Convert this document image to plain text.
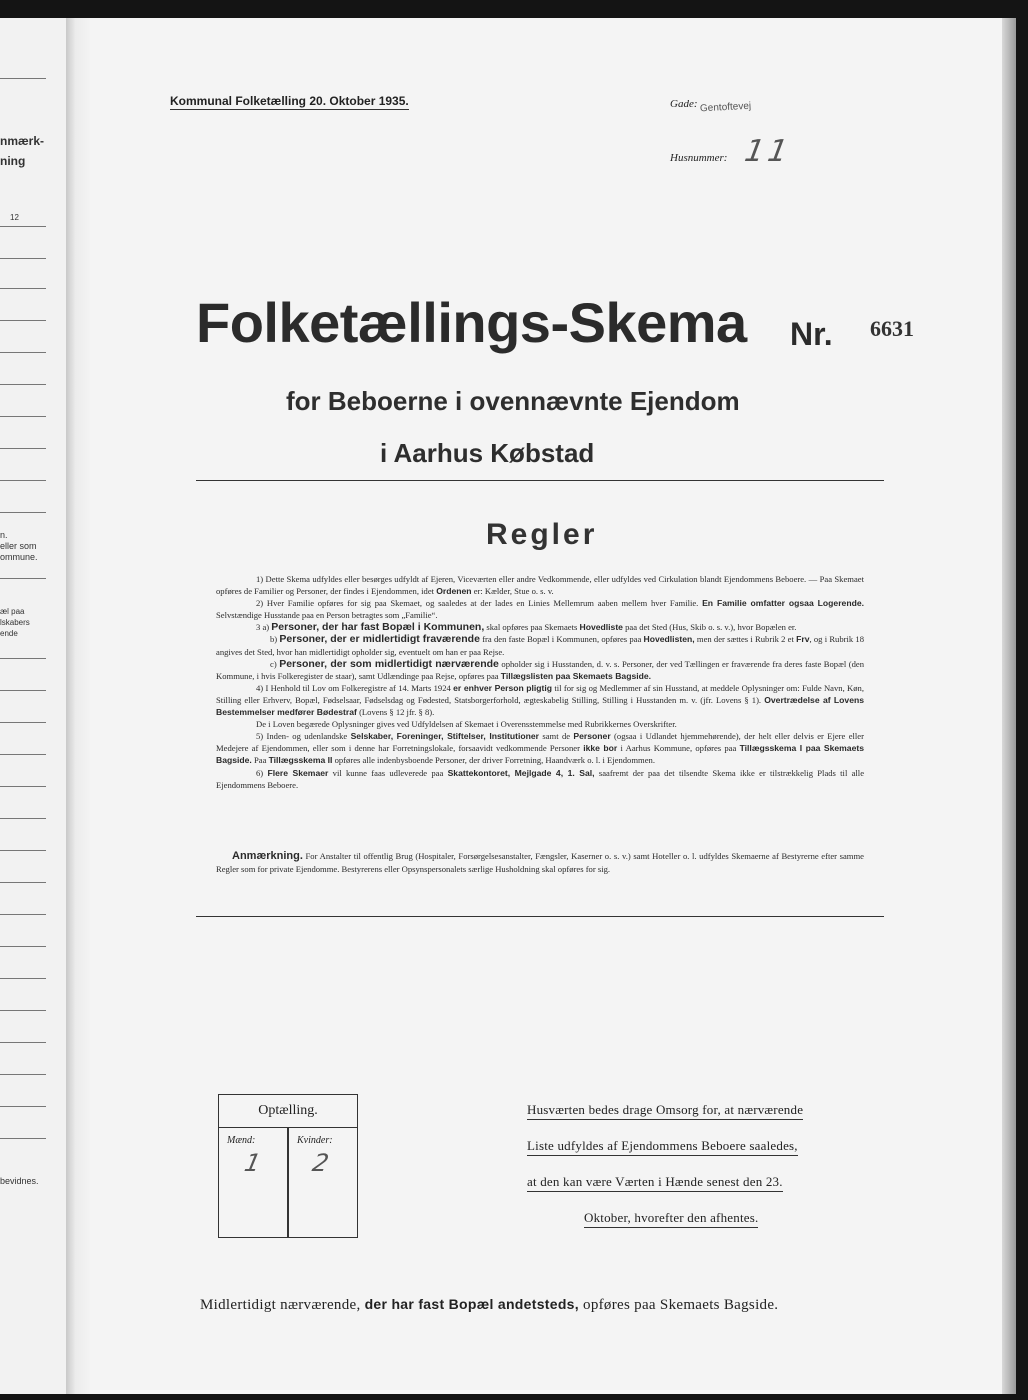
nmærk-
ning
12
n.
eller som
ommune.
æl paa
lskabers
ende
bevidnes.
Kommunal Folketælling 20. Oktober 1935.	Gade: Gentoftevej
Husnummer: 11
Folketællings-Skema Nr. 6631
for Beboerne i ovennævnte Ejendom
i Aarhus Købstad
Regler

1) Dette Skema udfyldes eller besørges udfyldt af Ejeren, Viceværten eller andre Vedkommende, eller udfyldes ved Cirkulation blandt Ejendommens Beboere. — Paa Skemaet opføres de Familier og Personer, der findes i Ejendommen, idet Ordenen er: Kælder, Stue o. s. v.

2) Hver Familie opføres for sig paa Skemaet, og saaledes at der lades en Linies Mellemrum aaben mellem hver Familie. En Familie omfatter ogsaa Logerende. Selvstændige Husstande paa en Person betragtes som „Familie“.

3 a) Personer, der har fast Bopæl i Kommunen, skal opføres paa Skemaets Hovedliste paa det Sted (Hus, Skib o. s. v.), hvor Bopælen er.

b) Personer, der er midlertidigt fraværende fra den faste Bopæl i Kommunen, opføres paa Hovedlisten, men der sættes i Rubrik 2 et Frv, og i Rubrik 18 angives det Sted, hvor han midlertidigt opholder sig, eventuelt om han er paa Rejse.

c) Personer, der som midlertidigt nærværende opholder sig i Husstanden, d. v. s. Personer, der ved Tællingen er fraværende fra deres faste Bopæl (den Kommune, i hvis Folkeregister de staar), samt Udlændinge paa Rejse, opføres paa Tillægslisten paa Skemaets Bagside.

4) I Henhold til Lov om Folkeregistre af 14. Marts 1924 er enhver Person pligtig til for sig og Medlemmer af sin Husstand, at meddele Oplysninger om: Fulde Navn, Køn, Stilling eller Erhverv, Bopæl, Fødselsaar, Fødselsdag og Fødested, Statsborgerforhold, ægteskabelig Stilling, Stilling i Husstanden m. v. (jfr. Lovens § 1). Overtrædelse af Lovens Bestemmelser medfører Bødestraf (Lovens § 12 jfr. § 8).

De i Loven begærede Oplysninger gives ved Udfyldelsen af Skemaet i Overensstemmelse med Rubrikkernes Overskrifter.

5) Inden- og udenlandske Selskaber, Foreninger, Stiftelser, Institutioner samt de Personer (ogsaa i Udlandet hjemmehørende), der helt eller delvis er Ejere eller Medejere af Ejendommen, eller som i denne har Forretningslokale, forsaavidt vedkommende Personer ikke bor i Aarhus Kommune, opføres paa Tillægsskema I paa Skemaets Bagside. Paa Tillægsskema II opføres alle indenbysboende Personer, der driver Forretning, Haandværk o. l. i Ejendommen.

6) Flere Skemaer vil kunne faas udleverede paa Skattekontoret, Mejlgade 4, 1. Sal, saafremt der paa det tilsendte Skema ikke er tilstrækkelig Plads til alle Ejendommens Beboere.

Anmærkning. For Anstalter til offentlig Brug (Hospitaler, Forsørgelsesanstalter, Fængsler, Kaserner o. s. v.) samt Hoteller o. l. udfyldes Skemaerne af Bestyrerne efter samme Regler som for private Ejendomme. Bestyrerens eller Opsynspersonalets særlige Husholdning skal opføres for sig.

Optælling.
Mænd:
1
Kvinder:
2
Husværten bedes drage Omsorg for, at nærværende
Liste udfyldes af Ejendommens Beboere saaledes,
at den kan være Værten i Hænde senest den 23.
Oktober, hvorefter den afhentes.
Midlertidigt nærværende, der har fast Bopæl andetsteds, opføres paa Skemaets Bagside.
